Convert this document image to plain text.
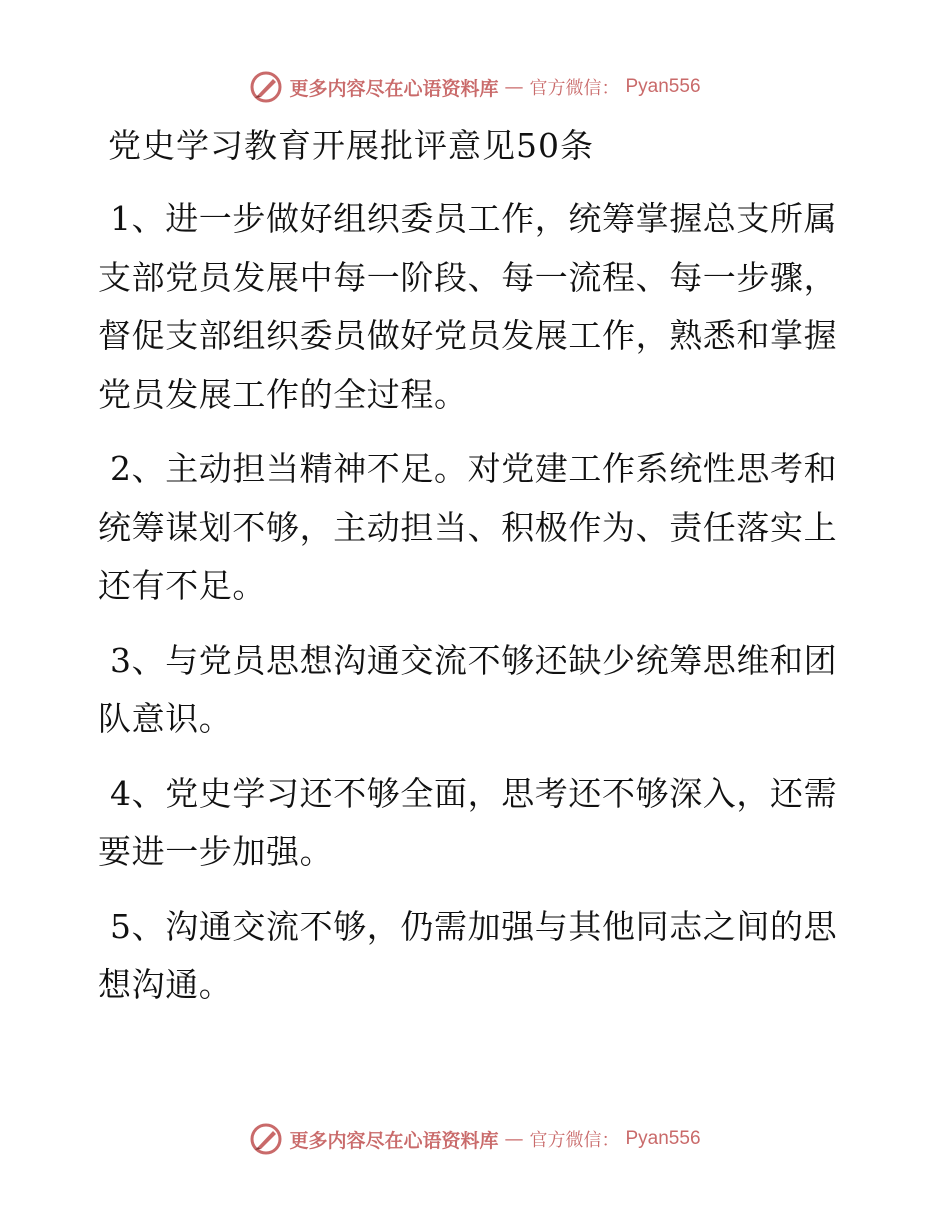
更多内容尽在心语资料库 — 官方微信： Pyan556
党史学习教育开展批评意见50条

1、进一步做好组织委员工作，统筹掌握总支所属支部党员发展中每一阶段、每一流程、每一步骤，督促支部组织委员做好党员发展工作，熟悉和掌握党员发展工作的全过程。

2、主动担当精神不足。对党建工作系统性思考和统筹谋划不够，主动担当、积极作为、责任落实上还有不足。

3、与党员思想沟通交流不够还缺少统筹思维和团队意识。

4、党史学习还不够全面，思考还不够深入，还需要进一步加强。

5、沟通交流不够，仍需加强与其他同志之间的思想沟通。

更多内容尽在心语资料库 — 官方微信： Pyan556
